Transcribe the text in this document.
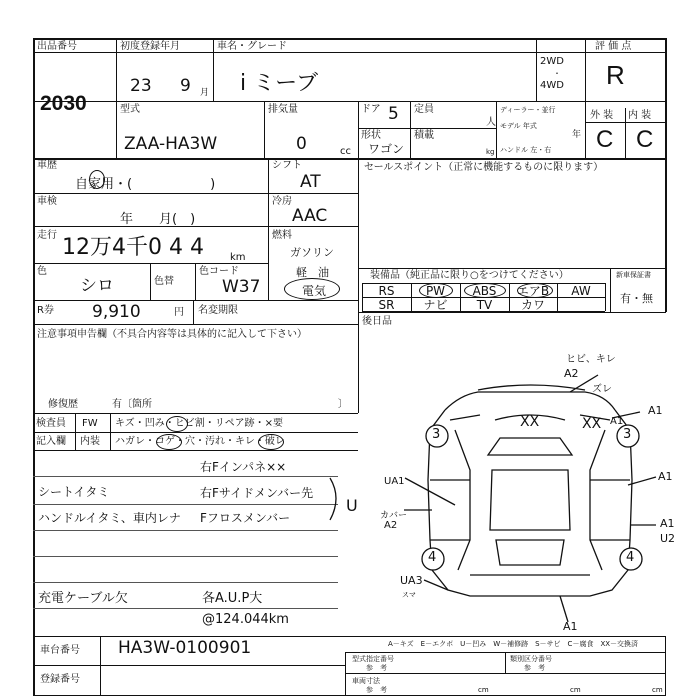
出品番号
2030
初度登録年月
23 9 月
車名・グレード
i ミーブ
2WD
・
4WD
評 価 点
R
外 装 内 装
C C
型式
ZAA-HA3W
排気量
0	cc
ドア 5 定員
人
ディーラー・並行
モデル 年式
年
形状
ワゴン
積載
kg ハンドル 左・右
車歴
自家用・(　　　　　　)
車検
年　　月(　)
走行 12万4千0 4 4	km
色
シロ	色替
色コード
W37
シフト
AT
冷房
AAC
燃料
ガソリン
軽　油
電気
R券 9,910	円 名変期限
セールスポイント（正常に機能するものに限ります）
装備品（純正品に限り○をつけてください）
RS	PW	ABS	エアB	AW
SR	ナビ	TV	カワ
新車保証書
有・無
後日品
注意事項申告欄（不具合内容等は具体的に記入して下さい）
修復歴	有〔箇所	〕
検査員
記入欄
FW
内装
キズ・凹み・ヒビ割・リペア跡・×要
ハガレ・コゲ・穴・汚れ・キレ・破レ
シートイタミ
ハンドルイタミ、車内レナ
充電ケーブル欠
右Fインパネ××
右Fサイドメンバー先
Fフロスメンバー
U
各A.U.P大
@124.044km
3	3
4	4
ヒビ、キレ
A2
ズレ
A1
XX	XX A1
UA1	A1
カバー
A2	A1
U2
UA3
スマ
A1
A－キズ　E－エクボ　U－凹み　W－補修跡　S－サビ　C－腐食　XX－交換済
車台番号 HA3W-0100901
登録番号
型式指定番号
参　考
類別区分番号
参　考
車両寸法
参　考	cm	cm	cm
